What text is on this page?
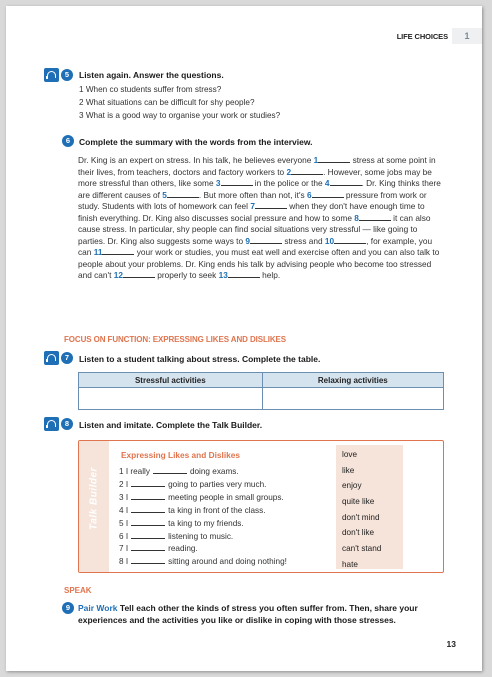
LIFE CHOICES	1
5	Listen again. Answer the questions.
1 When co students suffer from stress?
2 What situations can be difficult for shy people?
3 What is a good way to organise your work or studies?
6	Complete the summary with the words from the interview.
Dr. King is an expert on stress. In his talk, he believes everyone 1	stress at some point in their lives, from teachers, doctors and factory workers to 2	. However, some jobs may be more stressful than others, like some 3	in the police or the 4	. Dr. King thinks there are different causes of 5	. But more often than not, it's 6	pressure from work or study. Students with lots of homework can feel 7	when they don't have enough time to finish everything. Dr. King also discusses social pressure and how to some 8	it can also cause stress. In particular, shy people can find social situations very stressful — like going to parties. Dr. King also suggests some ways to 9	stress and 10	, for example, you can 11	your work or studies, you must eat well and exercise often and you can also talk to people about your problems. Dr. King ends his talk by advising people who become too stressed and can't 12	properly to seek 13	help.
FOCUS ON FUNCTION: EXPRESSING LIKES AND DISLIKES
7	Listen to a student talking about stress. Complete the table.
Stressful activities	Relaxing activities

8	Listen and imitate. Complete the Talk Builder.
Talk Builder
Expressing Likes and Dislikes
1 I really	doing exams.
2 I	going to parties very much.
3 I	meeting people in small groups.
4 I	ta king in front of the class.
5 I	ta king to my friends.
6 I	listening to music.
7 I	reading.
8 I	sitting around and doing nothing!
love
like
enjoy
quite like
don't mind
don't like
can't stand
hate
SPEAK
9 Pair Work Tell each other the kinds of stress you often suffer from. Then, share your experiences and the activities you like or dislike in coping with those stresses.
13
